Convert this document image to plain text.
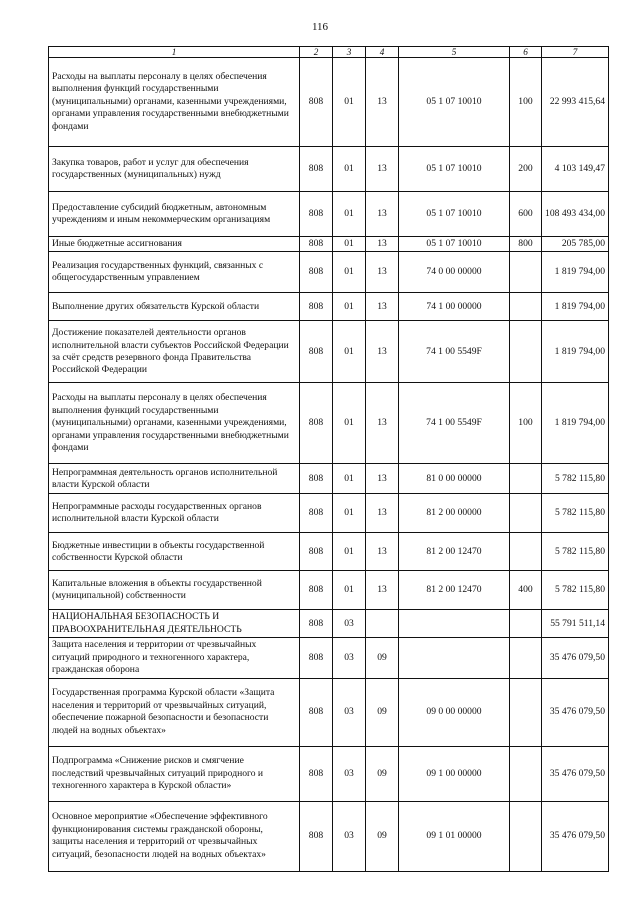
116
1	2	3	4	5	6	7
Расходы на выплаты персоналу в целях обеспечения выполнения функций государственными (муниципальными) органами, казенными учреждениями, органами управления государственными внебюджетными фондами	808	01	13	05 1 07 10010	100	22 993 415,64
Закупка товаров, работ и услуг для обеспечения государственных (муниципальных) нужд	808	01	13	05 1 07 10010	200	4 103 149,47
Предоставление субсидий бюджетным, автономным учреждениям и иным некоммерческим организациям	808	01	13	05 1 07 10010	600	108 493 434,00
Иные бюджетные ассигнования	808	01	13	05 1 07 10010	800	205 785,00
Реализация государственных функций, связанных с общегосударственным управлением	808	01	13	74 0 00 00000		1 819 794,00
Выполнение других обязательств Курской области	808	01	13	74 1 00 00000		1 819 794,00
Достижение показателей деятельности органов исполнительной власти субъектов Российской Федерации за счёт средств резервного фонда Правительства Российской Федерации	808	01	13	74 1 00 5549F		1 819 794,00
Расходы на выплаты персоналу в целях обеспечения выполнения функций государственными (муниципальными) органами, казенными учреждениями, органами управления государственными внебюджетными фондами	808	01	13	74 1 00 5549F	100	1 819 794,00
Непрограммная деятельность органов исполнительной власти Курской области	808	01	13	81 0 00 00000		5 782 115,80
Непрограммные расходы государственных органов исполнительной власти Курской области	808	01	13	81 2 00 00000		5 782 115,80
Бюджетные инвестиции в объекты государственной собственности Курской области	808	01	13	81 2 00 12470		5 782 115,80
Капитальные вложения в объекты государственной (муниципальной) собственности	808	01	13	81 2 00 12470	400	5 782 115,80
НАЦИОНАЛЬНАЯ БЕЗОПАСНОСТЬ И ПРАВООХРАНИТЕЛЬНАЯ ДЕЯТЕЛЬНОСТЬ	808	03				55 791 511,14
Защита населения и территории от чрезвычайных ситуаций природного и техногенного характера, гражданская оборона	808	03	09			35 476 079,50
Государственная программа Курской области «Защита населения и территорий от чрезвычайных ситуаций, обеспечение пожарной безопасности и безопасности людей на водных объектах»	808	03	09	09 0 00 00000		35 476 079,50
Подпрограмма «Снижение рисков и смягчение последствий чрезвычайных ситуаций природного и техногенного характера в Курской области»	808	03	09	09 1 00 00000		35 476 079,50
Основное мероприятие «Обеспечение эффективного функционирования системы гражданской обороны, защиты населения и территорий от чрезвычайных ситуаций, безопасности людей на водных объектах»	808	03	09	09 1 01 00000		35 476 079,50
